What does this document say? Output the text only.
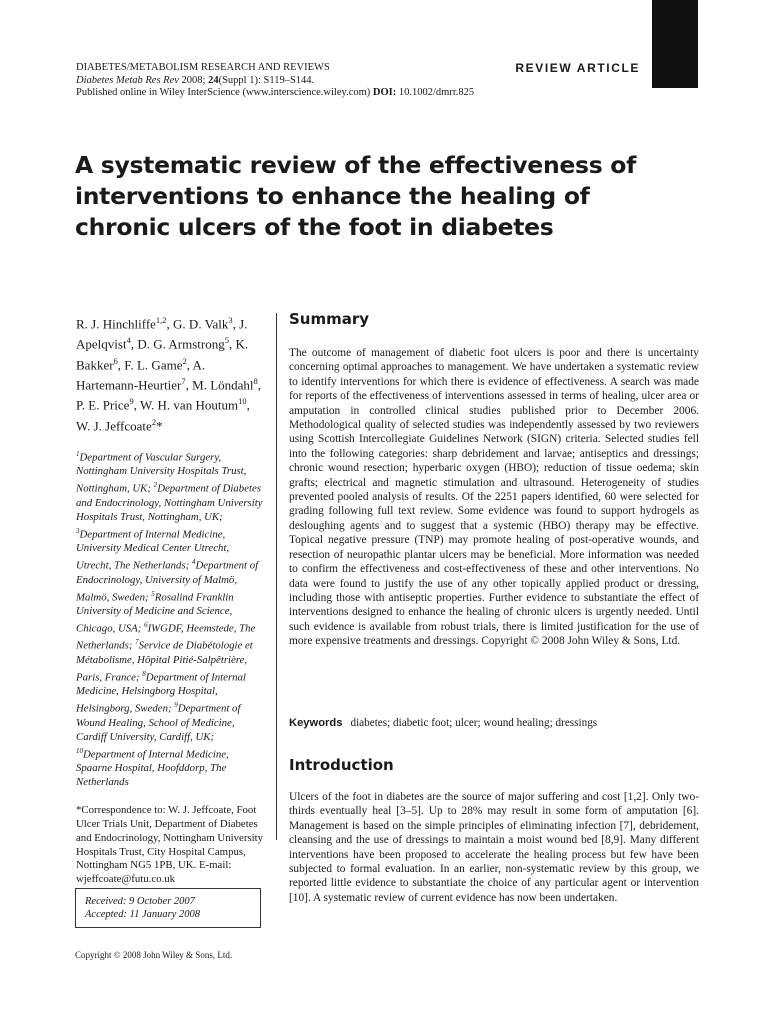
DIABETES/METABOLISM RESEARCH AND REVIEWS
Diabetes Metab Res Rev 2008; 24(Suppl 1): S119–S144.
Published online in Wiley InterScience (www.interscience.wiley.com) DOI: 10.1002/dmrr.825
REVIEW ARTICLE
A systematic review of the effectiveness of interventions to enhance the healing of chronic ulcers of the foot in diabetes

R. J. Hinchliffe$^{1,2}$, G. D. Valk$^3$, J. Apelqvist$^4$, D. G. Armstrong$^5$, K. Bakker$^6$, F. L. Game$^2$, A. Hartemann-Heurtier$^7$, M. Löndahl$^8$, P. E. Price$^9$, W. H. van Houtum$^{10}$, W. J. Jeffcoate$^2$*

$^1$Department of Vascular Surgery, Nottingham University Hospitals Trust, Nottingham, UK; $^2$Department of Diabetes and Endocrinology, Nottingham University Hospitals Trust, Nottingham, UK; $^3$Department of Internal Medicine, University Medical Center Utrecht, Utrecht, The Netherlands; $^4$Department of Endocrinology, University of Malmö, Malmö, Sweden; $^5$Rosalind Franklin University of Medicine and Science, Chicago, USA; $^6$IWGDF, Heemstede, The Netherlands; $^7$Service de Diabétologie et Métabolisme, Hôpital Pitié-Salpêtrière, Paris, France; $^8$Department of Internal Medicine, Helsingborg Hospital, Helsingborg, Sweden; $^9$Department of Wound Healing, School of Medicine, Cardiff University, Cardiff, UK; $^{10}$Department of Internal Medicine, Spaarne Hospital, Hoofddorp, The Netherlands

*Correspondence to: W. J. Jeffcoate, Foot Ulcer Trials Unit, Department of Diabetes and Endocrinology, Nottingham University Hospitals Trust, City Hospital Campus, Nottingham NG5 1PB, UK. E-mail: wjeffcoate@futu.co.uk

Received: 9 October 2007
Accepted: 11 January 2008
Copyright © 2008 John Wiley & Sons, Ltd.
Summary

The outcome of management of diabetic foot ulcers is poor and there is uncertainty concerning optimal approaches to management. We have undertaken a systematic review to identify interventions for which there is evidence of effectiveness. A search was made for reports of the effectiveness of interventions assessed in terms of healing, ulcer area or amputation in controlled clinical studies published prior to December 2006. Methodological quality of selected studies was independently assessed by two reviewers using Scottish Intercollegiate Guidelines Network (SIGN) criteria. Selected studies fell into the following categories: sharp debridement and larvae; antiseptics and dressings; chronic wound resection; hyperbaric oxygen (HBO); reduction of tissue oedema; skin grafts; electrical and magnetic stimulation and ultrasound. Heterogeneity of studies prevented pooled analysis of results. Of the 2251 papers identified, 60 were selected for grading following full text review. Some evidence was found to support hydrogels as desloughing agents and to suggest that a systemic (HBO) therapy may be effective. Topical negative pressure (TNP) may promote healing of post-operative wounds, and resection of neuropathic plantar ulcers may be beneficial. More information was needed to confirm the effectiveness and cost-effectiveness of these and other interventions. No data were found to justify the use of any other topically applied product or dressing, including those with antiseptic properties. Further evidence to substantiate the effect of interventions designed to enhance the healing of chronic ulcers is urgently needed. Until such evidence is available from robust trials, there is limited justification for the use of more expensive treatments and dressings. Copyright © 2008 John Wiley & Sons, Ltd.

Keywords diabetes; diabetic foot; ulcer; wound healing; dressings
Introduction

Ulcers of the foot in diabetes are the source of major suffering and cost [1,2]. Only two-thirds eventually heal [3–5]. Up to 28% may result in some form of amputation [6]. Management is based on the simple principles of eliminating infection [7], debridement, cleansing and the use of dressings to maintain a moist wound bed [8,9]. Many different interventions have been proposed to accelerate the healing process but few have been subjected to formal evaluation. In an earlier, non-systematic review by this group, we reported little evidence to substantiate the choice of any particular agent or intervention [10]. A systematic review of current evidence has now been undertaken.
